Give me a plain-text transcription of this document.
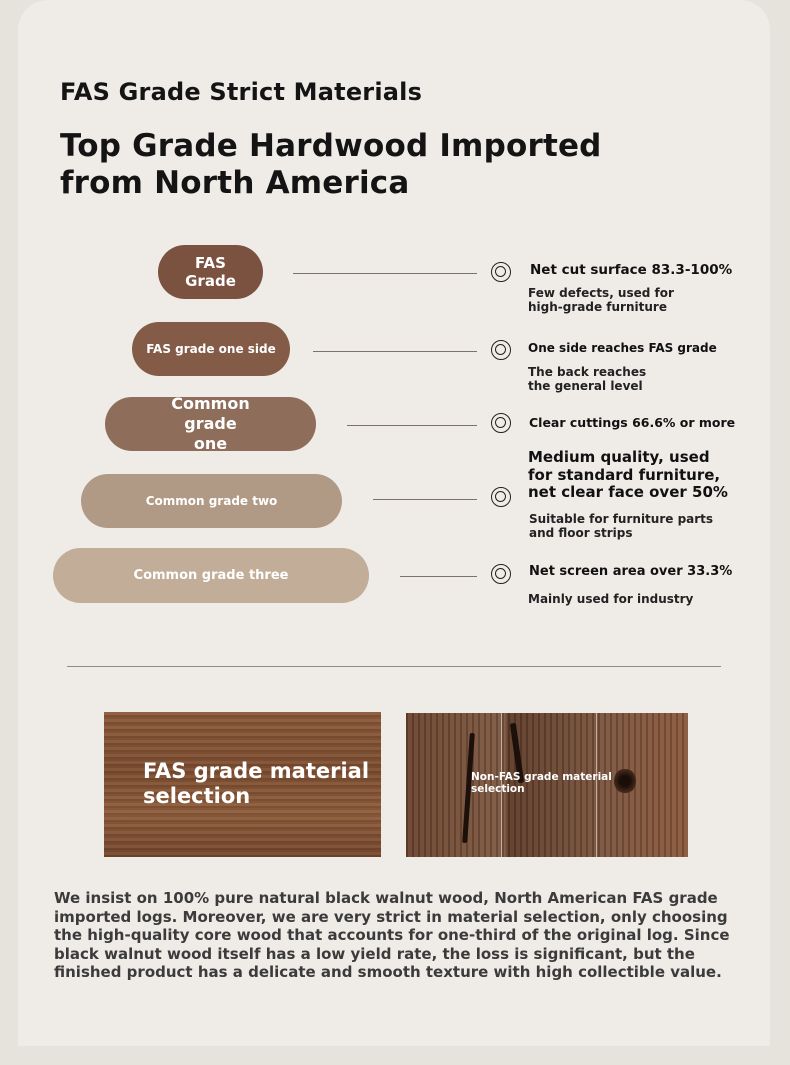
FAS Grade Strict Materials
Top Grade Hardwood Imported from North America
FAS Grade

Net cut surface 83.3-100%

Few defects, used for high-grade furniture

FAS grade one side	One side reaches FAS grade

The back reaches the general level

Common grade one

Clear cuttings 66.6% or more

Medium quality, used for standard furniture, net clear face over 50%

Common grade two

Suitable for furniture parts and floor strips

Common grade three	Net screen area over 33.3%

Mainly used for industry

FAS grade material selection

Non-FAS grade material selection

We insist on 100% pure natural black walnut wood, North American FAS grade imported logs. Moreover, we are very strict in material selection, only choosing the high-quality core wood that accounts for one-third of the original log. Since black walnut wood itself has a low yield rate, the loss is significant, but the finished product has a delicate and smooth texture with high collectible value.
